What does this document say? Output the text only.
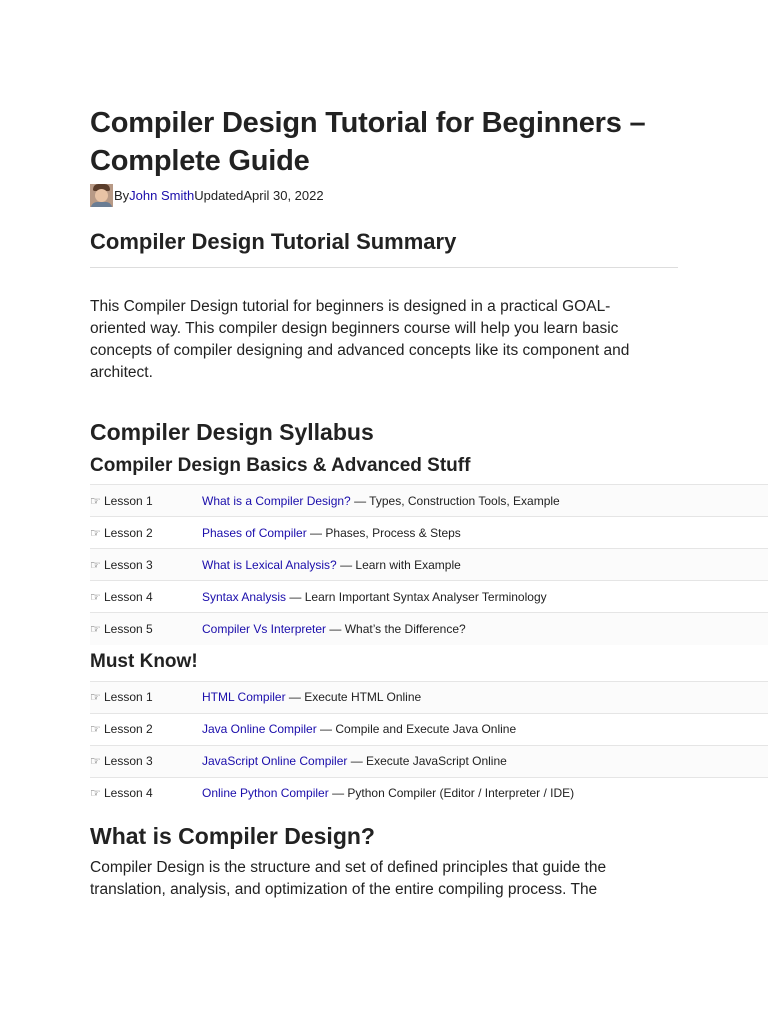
Compiler Design Tutorial for Beginners – Complete Guide
By John Smith Updated April 30, 2022
Compiler Design Tutorial Summary

This Compiler Design tutorial for beginners is designed in a practical GOAL-oriented way. This compiler design beginners course will help you learn basic concepts of compiler designing and advanced concepts like its component and architect.

Compiler Design Syllabus
Compiler Design Basics & Advanced Stuff
☞ Lesson 1	What is a Compiler Design? — Types, Construction Tools, Example
☞ Lesson 2	Phases of Compiler — Phases, Process & Steps
☞ Lesson 3	What is Lexical Analysis? — Learn with Example
☞ Lesson 4	Syntax Analysis — Learn Important Syntax Analyser Terminology
☞ Lesson 5	Compiler Vs Interpreter — What’s the Difference?
Must Know!
☞ Lesson 1	HTML Compiler — Execute HTML Online
☞ Lesson 2	Java Online Compiler — Compile and Execute Java Online
☞ Lesson 3	JavaScript Online Compiler — Execute JavaScript Online
☞ Lesson 4	Online Python Compiler — Python Compiler (Editor / Interpreter / IDE)
What is Compiler Design?

Compiler Design is the structure and set of defined principles that guide the translation, analysis, and optimization of the entire compiling process. The
